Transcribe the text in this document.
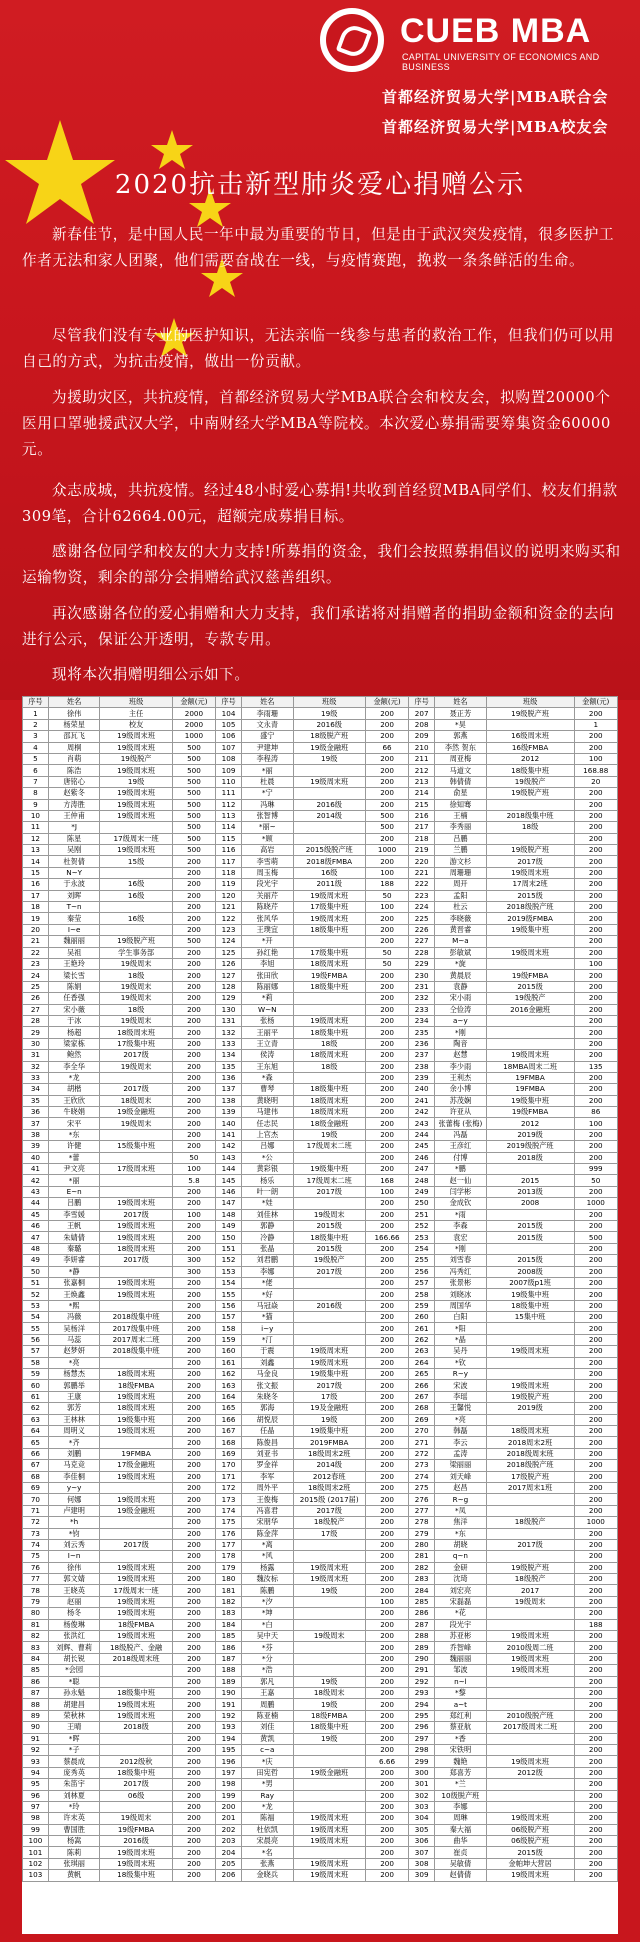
CUEB MBA
CAPITAL UNIVERSITY OF ECONOMICS AND BUSINESS
首都经济贸易大学|MBA联合会
首都经济贸易大学|MBA校友会
2020抗击新型肺炎爱心捐赠公示
新春佳节，是中国人民一年中最为重要的节日，但是由于武汉突发疫情，很多医护工作者无法和家人团聚，他们需要奋战在一线，与疫情赛跑，挽救一条条鲜活的生命。
尽管我们没有专业的医护知识，无法亲临一线参与患者的救治工作，但我们仍可以用自己的方式，为抗击疫情，做出一份贡献。
为援助灾区，共抗疫情，首都经济贸易大学MBA联合会和校友会，拟购置20000个医用口罩驰援武汉大学，中南财经大学MBA等院校。本次爱心募捐需要筹集资金60000元。
众志成城，共抗疫情。经过48小时爱心募捐!共收到首经贸MBA同学们、校友们捐款309笔，合计62664.00元，超额完成募捐目标。
感谢各位同学和校友的大力支持!所募捐的资金，我们会按照募捐倡议的说明来购买和运输物资，剩余的部分会捐赠给武汉慈善组织。
再次感谢各位的爱心捐赠和大力支持，我们承诺将对捐赠者的捐助金额和资金的去向进行公示，保证公开透明，专款专用。
现将本次捐赠明细公示如下。
序号	姓名	班级	金额(元)	序号	姓名	班级	金额(元)	序号	姓名	班级	金额(元)
1	徐伟	主任	2000	104	李雨珊	19级	200	207	聂正芳	19级脱产班	200
2	杨荣星	校友	2000	105	文永青	2016级	200	208	*昊		1
3	邵瓦飞	19级周末班	1000	106	盛宁	18级脱产班	200	209	郭燕	16级周末班	200
4	周桐	19级周末班	500	107	尹建坤	19级金融班	66	210	李然 贺东	16级FMBA	200
5	肖萌	19级脱产	500	108	李程涛	19级	200	211	周亚梅	2012	100
6	陈浩	19级周末班	500	109	*丽		200	212	马道文	18级集中班	168.88
7	唐铭心	19级	500	110	杜晨	19级周末班	200	213	韩倩倩	19级脱产	20
8	赵紫冬	19级周末班	500	111	*宁		200	214	俞星	19级脱产班	200
9	方涛胜	19级周末班	500	112	冯琳	2016级	200	215	徐知骞		200
10	王仲甫	19级周末班	500	113	张智博	2014级	500	216	王楠	2018级集中班	200
11	*J		500	114	*丽~		500	217	李秀丽	18级	200
12	陈星	17级周末一班	500	115	*顾		200	218	吕鹏		200
13	吴刚	19级周末班	500	116	高岩	2015级脱产班	1000	219	兰鹏	19级脱产班	200
14	杜贺倩	15级	200	117	李雪萌	2018级FMBA	200	220	游文杉	2017级	200
15	N~Y		200	118	周玉梅	16级	100	221	周珊珊	19级周末班	200
16	于永波	16级	200	119	段光宇	2011级	188	222	周开	17周末2班	200
17	刘晖	16级	200	120	关丽芹	19级周末班	50	223	孟阳	2015级	200
18	T~n		200	121	陈晓芹	17级集中班	100	224	杜云	2018级脱产班	200
19	秦莹	16级	200	122	张风华	19级周末班	200	225	李晓薇	2019级FMBA	200
20	I~e		200	123	王璞宜	18级集中班	200	226	黄晋睿	19级集中班	200
21	魏丽丽	19级脱产班	500	124	*开		200	227	M~a		200
22	吴祖	学生事务部	200	125	孙红艳	17级集中班	50	228	彭敏斌	19级周末班	200
23	王艳玲	19级周末	200	126	李旭	18级周末班	50	229	*旋		100
24	梁长雪	18级	200	127	张田欣	19级FMBA	200	230	黄晨辰	19级FMBA	200
25	陈娟	19级周末	200	128	陈丽娜	18级集中班	200	231	袁静	2015级	200
26	任香强	19级周末	200	129	*莉		200	232	宋小雨	19级脱产	200
27	宋小薇	18级	200	130	W~N		200	233	仝俭涛	2016金融班	200
28	于冰	19级周末	200	131	张杨	19级周末班	200	234	a~y		200
29	杨超	18级周末班	200	132	王丽平	18级集中班	200	235	*刚		200
30	梁家栋	17级集中班	200	133	王立青	18级	200	236	陶音		200
31	鲍然	2017级	200	134	侯涛	18级周末班	200	237	赵慧	19级周末班	200
32	李全华	19级周末	200	135	王东旭	18级	200	238	李少雨	18MBA周末二班	135
33	*龙		200	136	*森		200	239	王利杰	19FMBA	200
34	胡楷	2017级	200	137	曹琴	18级集中班	200	240	余小博	19FMBA	200
35	王欣欣	18级周末	200	138	黄晓明	18级周末班	200	241	苏茂娴	19级集中班	200
36	牛晓娟	19级金融班	200	139	马建伟	18级周末班	200	242	许亚从	19级FMBA	86
37	宋平	19级周末	200	140	任志民	18级金融班	200	243	张蕾梅 (张梅)	2012	100
38	*东		200	141	上官杰	19级	200	244	冯磊	2019级	200
39	许健	15级集中班	200	142	吕娜	17级周末二班	200	245	王彦红	2019级脱产班	200
40	*蕾		50	143	*公		200	246	付博	2018级	200
41	尹文亮	17级周末班	100	144	黄彩银	19级集中班	200	247	*鹏		999
42	*丽		5.8	145	杨乐	17级周末二班	168	248	赵一仙	2015	50
43	E~n		200	146	叶一朗	2017级	100	249	闫学彬	2013级	200
44	吕鹏	19级周末班	200	147	*娃		200	250	金成钦	2008	1000
45	李雪媛	2017级	100	148	刘佳林	19级周末	200	251	*雨		200
46	王帆	19级周末班	200	149	郭静	2015级	200	252	李森	2015级	200
47	朱婧倩	19级周末班	200	150	冷静	18级集中班	166.66	253	袁宏	2015级	500
48	秦璐	18级周末班	200	151	张晶	2015级	200	254	*刚		200
49	李妍睿	2017级	300	152	刘君鹏	19级脱产	200	255	刘雪春	2015级	200
50	*静		300	153	李娜	2017级	200	256	冯秀红	2008级	200
51	张嘉桐	19级周末班	200	154	*佬		200	257	张景彬	2007级p1班	200
52	王焕鑫	19级周末班	200	155	*好		200	258	刘晓冰	19级集中班	200
53	*熙		200	156	马冠焱	2016级	200	259	周国华	18级集中班	200
54	冯薇	2018级集中班	200	157	*猫		200	260	白阳	15集中班	200
55	吴杨洋	2017级集中班	200	158	i~y		200	261	*阳		200
56	马蕊	2017周末二班	200	159	*汀		200	262	*晶		200
57	赵梦妍	2018级集中班	200	160	于震	19级周末班	200	263	吴丹	19级周末班	200
58	*亮		200	161	刘鑫	19级周末班	200	264	*钦		200
59	杨慧杰	18级周末班	200	162	马金良	19级集中班	200	265	R~y		200
60	郭鹏举	18级FMBA	200	163	张文振	2017级	200	266	宋波	19级周末班	200
61	王康	19级周末班	200	164	朱晓冬	17级	200	267	李瑶	19级脱产班	200
62	郭芳	18级周末班	200	165	郭海	19及金融班	200	268	王馨悦	2019级	200
63	王林林	19级集中班	200	166	胡悦辰	19级	200	269	*亮		200
64	周明义	19级周末班	200	167	任晶	19级集中班	200	270	韩磊	18级周末班	200
65	*齐		200	168	陈俊昌	2019FMBA	200	271	李云	2018周末2班	200
66	刘鹏	19FMBA	200	169	刘亚书	18级周末2班	200	272	孟涛	2018级周末班	200
67	马克竞	17级金融班	200	170	罗金祥	2014级	200	273	梁丽丽	2018级脱产班	200
68	李佳桐	19级周末班	200	171	李军	2012春班	200	274	刘天峰	17级脱产班	200
69	y~y		200	172	周外平	18级周末2班	200	275	赵昌	2017周末1班	200
70	何娜	19级周末班	200	173	王俊梅	2015级 (2017届)	200	276	R~g		200
71	卢建明	19级金融班	200	174	冯喜君	2017级	200	277	*凤		200
72	*h		200	175	宋朋华	18级脱产	200	278	焦洋	18级脱产	1000
73	*钧		200	176	陈金萍	17级	200	279	*东		200
74	刘云秀	2017级	200	177	*离		200	280	胡晓	2017级	200
75	I~n		200	178	*风		200	281	q~n		200
76	徐伟	19级周末班	200	179	杨露	19级周末班	200	282	金研	19级脱产班	200
77	郭文婧	19级周末班	200	180	魏汝标	19级周末班	200	283	沈琦	18级脱产	200
78	王晓英	17级周末一班	200	181	陈鹏	19级	200	284	刘宏亮	2017	200
79	赵丽	19级周末班	200	182	*汐		100	285	宋磊磊	19级周末	200
80	杨冬	19级周末班	200	183	*坤		200	286	*花		200
81	杨俊琳	18级FMBA	200	184	*白		200	287	段光宇		188
82	张洪红	19级周末班	200	185	吴中天	19级周末	200	288	苏亚彬	19级周末班	200
83	刘辉、曹莉	18级脱产、金融	200	186	*芬		200	289	乔智峰	2010级周二班	200
84	胡长锐	2018级周末班	200	187	*分		200	290	魏丽丽	19级周末班	200
85	*会园		200	188	*浩		200	291	邹波	19级周末班	200
86	*聪		200	189	郭凡	19级	200	292	n~l		200
87	孙永魁	18级集中班	200	190	王嘉	18级周末	200	293	*黎		200
88	胡建昌	19级周末班	200	191	周鹏	19级	200	294	a~t		200
89	荣秋林	19级周末班	200	192	陈亚楠	18级FMBA	200	295	郑红利	2010级脱产班	200
90	王晴	2018级	200	193	刘佳	18级集中班	200	296	蔡亚航	2017级周末二班	200
91	*晖		200	194	黄凯	19级	200	297	*香		200
92	*子		200	195	c~a		200	298	宋铁明		200
93	蔡晨成	2012级秋	200	196	*庆		6.66	299	魏艳	19级周末班	200
94	庞秀英	18级集中班	200	197	田宪哲	19级金融班	200	300	郑喜芳	2012级	200
95	朱笛宇	2017级	200	198	*男		200	301	*兰		200
96	刘林夏	06级	200	199	Ray		200	302	10级脱产班		200
97	*玲		200	200	*龙		200	303	李娜		200
98	许末英	19级周末	200	201	陈福	19级周末班	200	304	周琳	19级周末班	200
99	曹国胜	19级FMBA	200	202	杜依凯	19级周末班	200	305	秦大福	06级脱产班	200
100	杨嵩	2016级	200	203	宋晨亮	19级周末班	200	306	曲华	06级脱产班	200
101	陈莉	19级周末班	200	204	*名		200	307	崔贞	2015级	200
102	张琪丽	19级周末班	200	205	张燕	19级周末班	200	308	吴敏倩	金帕坤大营居	200
103	黄帆	18级集中班	200	206	金晓兵	19级周末班	200	309	赵倩倩	19级周末班	200
